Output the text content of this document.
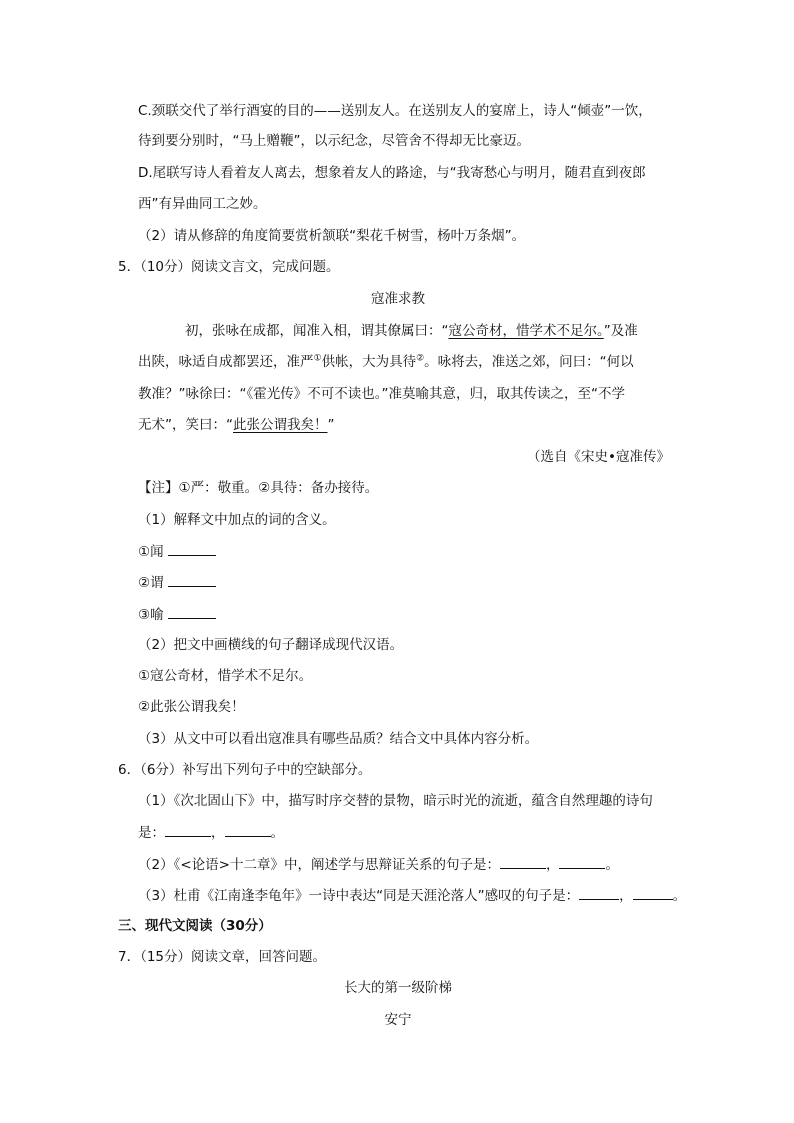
C.颈联交代了举行酒宴的目的——送别友人。在送别友人的宴席上，诗人“倾壶”一饮，
待到要分别时，“马上赠鞭”，以示纪念，尽管舍不得却无比豪迈。
D.尾联写诗人看着友人离去，想象着友人的路途，与“我寄愁心与明月，随君直到夜郎
西”有异曲同工之妙。
（2）请从修辞的角度简要赏析颔联“梨花千树雪，杨叶万条烟”。
5．（10分）阅读文言文，完成问题。
寇准求教
初，张咏在成都，闻准入相，谓其僚属曰：“寇公奇材，惜学术不足尔。”及准
出陕，咏适自成都罢还，准严①供帐，大为具待②。咏将去，准送之郊，问曰：“何以
教准？”咏徐曰：“《霍光传》不可不读也。”准莫喻其意，归，取其传读之，至“不学
无术”，笑曰：“此张公谓我矣！”
（选自《宋史•寇准传》
【注】①严：敬重。②具待：备办接待。
（1）解释文中加点的词的含义。
①闻
②谓
③喻
（2）把文中画横线的句子翻译成现代汉语。
①寇公奇材，惜学术不足尔。
②此张公谓我矣！
（3）从文中可以看出寇准具有哪些品质？结合文中具体内容分析。
6．（6分）补写出下列句子中的空缺部分。
（1）《次北固山下》中，描写时序交替的景物，暗示时光的流逝，蕴含自然理趣的诗句
是：	，	。
（2）《<论语>十二章》中，阐述学与思辩证关系的句子是：	，	。
（3）杜甫《江南逢李龟年》一诗中表达“同是天涯沦落人”感叹的句子是：	，	。
三、现代文阅读（30分）
7．（15分）阅读文章，回答问题。
长大的第一级阶梯
安宁
